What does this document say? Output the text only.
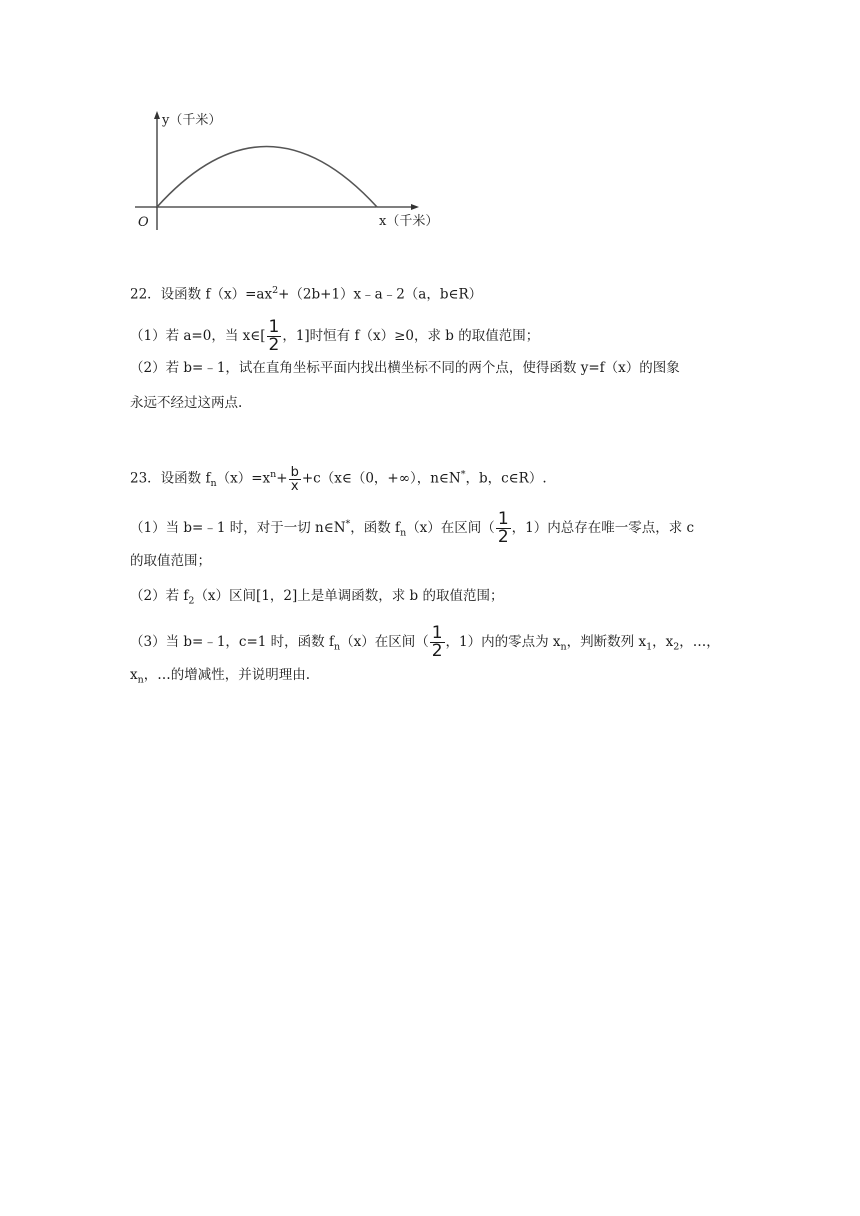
y（千米）
x（千米）
O
22．设函数 $f(x)=ax^2+(2b+1)x﹣a﹣2(a$，b∈R）
（1）若 a=0，当 x∈[ $\frac{1}{2}$ ，1]时恒有 f（x）≥0，求 b 的取值范围；
（2）若 b=﹣1，试在直角坐标平面内找出横坐标不同的两个点，使得函数 y=f（x）的图象
永远不经过这两点.
23．设函数 $f_n(x)=x^n+ \frac{b}{x}$ +c（x∈（0，+∞），n∈N*，b，c∈R）.
（1）当 b=﹣1 时，对于一切 n∈N*，函数 $f_n(x)$在区间（ $\frac{1}{2}$ ，1）内总存在唯一零点，求 c
的取值范围；
（2）若 $f_2(x)$区间[1，2]上是单调函数，求 b 的取值范围；
（3）当 b=﹣1，c=1 时，函数 $f_n(x)$在区间（ $\frac{1}{2}$ ，1）内的零点为 $x_n$，判断数列 $x_1$，$x_2$，…，
$x_n$，…的增减性，并说明理由.
